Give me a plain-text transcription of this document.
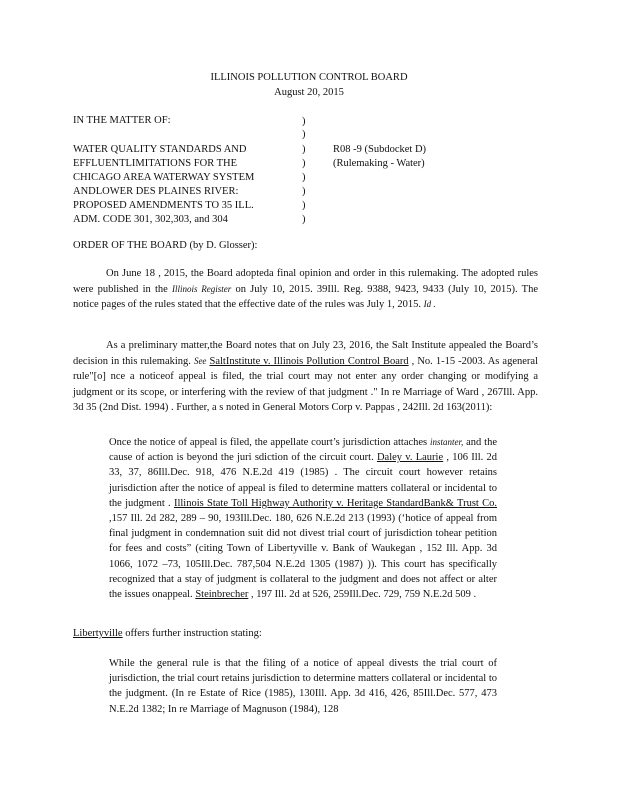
ILLINOIS POLLUTION CONTROL BOARD
August 20, 2015
IN THE MATTER OF:
WATER QUALITY STANDARDS AND
EFFLUENTLIMITATIONS FOR THE
CHICAGO AREA WATERWAY SYSTEM
ANDLOWER DES PLAINES RIVER:
PROPOSED AMENDMENTS TO 35 ILL.
ADM. CODE 301, 302,303, and 304
)
)
)
)
)
)
)
)
R08 -9 (Subdocket D)
(Rulemaking - Water)
ORDER OF THE BOARD (by D. Glosser):
On June 18 , 2015, the Board adopteda final opinion and order in this rulemaking. The adopted rules were published in the Illinois Register on July 10, 2015. 39Ill. Reg. 9388, 9423, 9433 (July 10, 2015). The notice pages of the rules stated that the effective date of the rules was July 1, 2015. Id .
As a preliminary matter,the Board notes that on July 23, 2016, the Salt Institute appealed the Board’s decision in this rulemaking. See SaltInstitute v. Illinois Pollution Control Board , No. 1-15 -2003. As ageneral rule"[o] nce a noticeof appeal is filed, the trial court may not enter any order changing or modifying a judgment or its scope, or interfering with the review of that judgment ." In re Marriage of Ward , 267Ill. App. 3d 35 (2nd Dist. 1994) . Further, a s noted in General Motors Corp v. Pappas , 242Ill. 2d 163(2011):
Once the notice of appeal is filed, the appellate court’s jurisdiction attaches instanter, and the cause of action is beyond the juri sdiction of the circuit court. Daley v. Laurie , 106 Ill. 2d 33, 37, 86Ill.Dec. 918, 476 N.E.2d 419 (1985) . The circuit court however retains jurisdiction after the notice of appeal is filed to determine matters collateral or incidental to the judgment . Illinois State Toll Highway Authority v. Heritage StandardBank& Trust Co. ,157 Ill. 2d 282, 289 – 90, 193Ill.Dec. 180, 626 N.E.2d 213 (1993) (‘hotice of appeal from final judgment in condemnation suit did not divest trial court of jurisdiction tohear petition for fees and costs” (citing Town of Libertyville v. Bank of Waukegan , 152 Ill. App. 3d 1066, 1072 –73, 105Ill.Dec. 787,504 N.E.2d 1305 (1987) )). This court has specifically recognized that a stay of judgment is collateral to the judgment and does not affect or alter the issues onappeal. Steinbrecher , 197 Ill. 2d at 526, 259Ill.Dec. 729, 759 N.E.2d 509 .
Libertyville offers further instruction stating:
While the general rule is that the filing of a notice of appeal divests the trial court of jurisdiction, the trial court retains jurisdiction to determine matters collateral or incidental to the judgment. (In re Estate of Rice (1985), 130Ill. App. 3d 416, 426, 85Ill.Dec. 577, 473 N.E.2d 1382; In re Marriage of Magnuson (1984), 128
